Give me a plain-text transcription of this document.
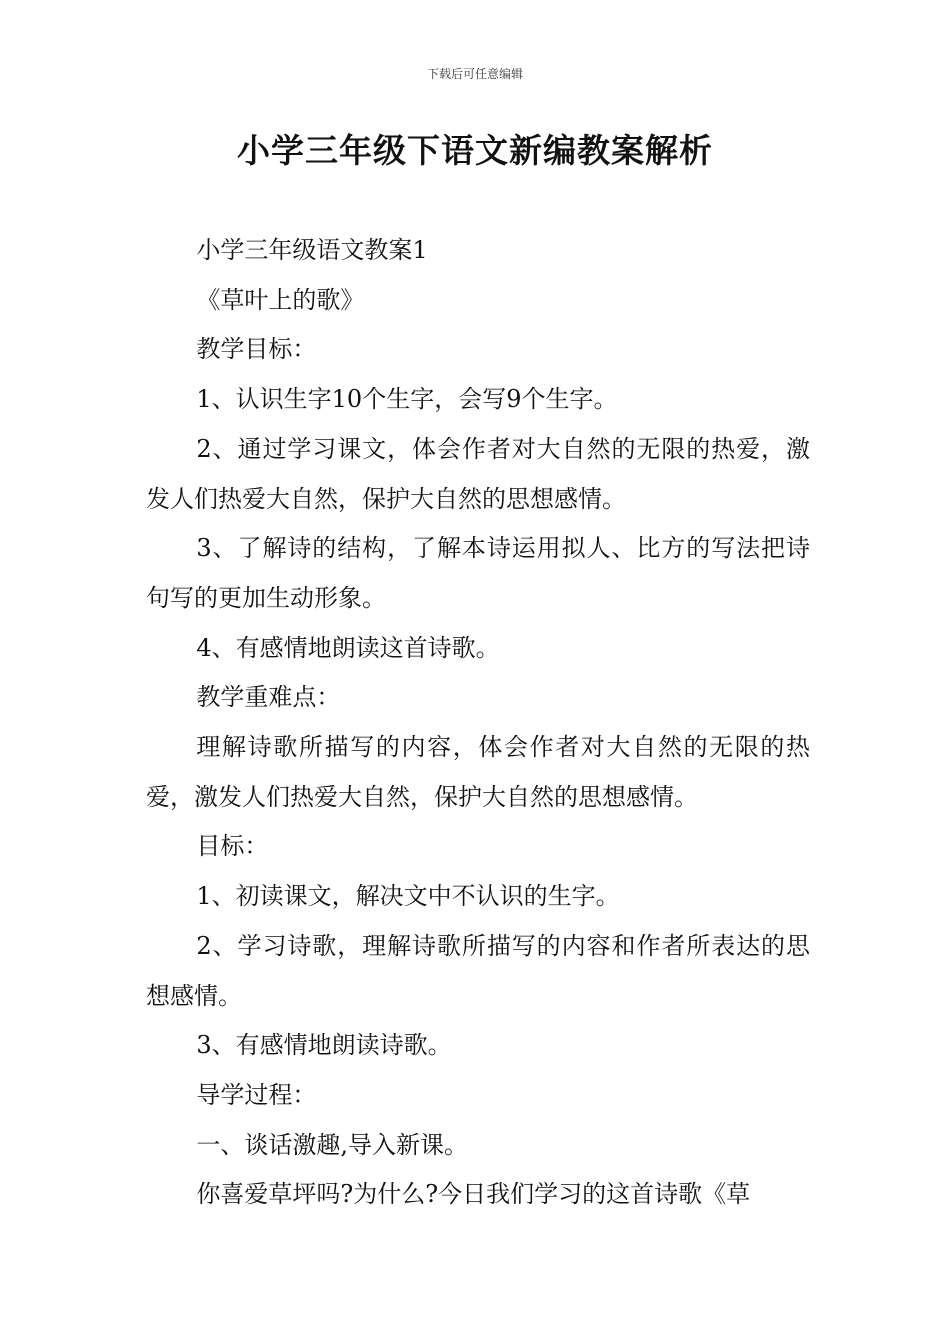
下载后可任意编辑
小学三年级下语文新编教案解析

小学三年级语文教案1

《草叶上的歌》

教学目标：

1、认识生字10个生字，会写9个生字。

2、通过学习课文，体会作者对大自然的无限的热爱，激发人们热爱大自然，保护大自然的思想感情。

3、了解诗的结构，了解本诗运用拟人、比方的写法把诗句写的更加生动形象。

4、有感情地朗读这首诗歌。

教学重难点：

理解诗歌所描写的内容，体会作者对大自然的无限的热爱，激发人们热爱大自然，保护大自然的思想感情。

目标：

1、初读课文，解决文中不认识的生字。

2、学习诗歌，理解诗歌所描写的内容和作者所表达的思想感情。

3、有感情地朗读诗歌。

导学过程：

一、谈话激趣,导入新课。

你喜爱草坪吗?为什么?今日我们学习的这首诗歌《草
